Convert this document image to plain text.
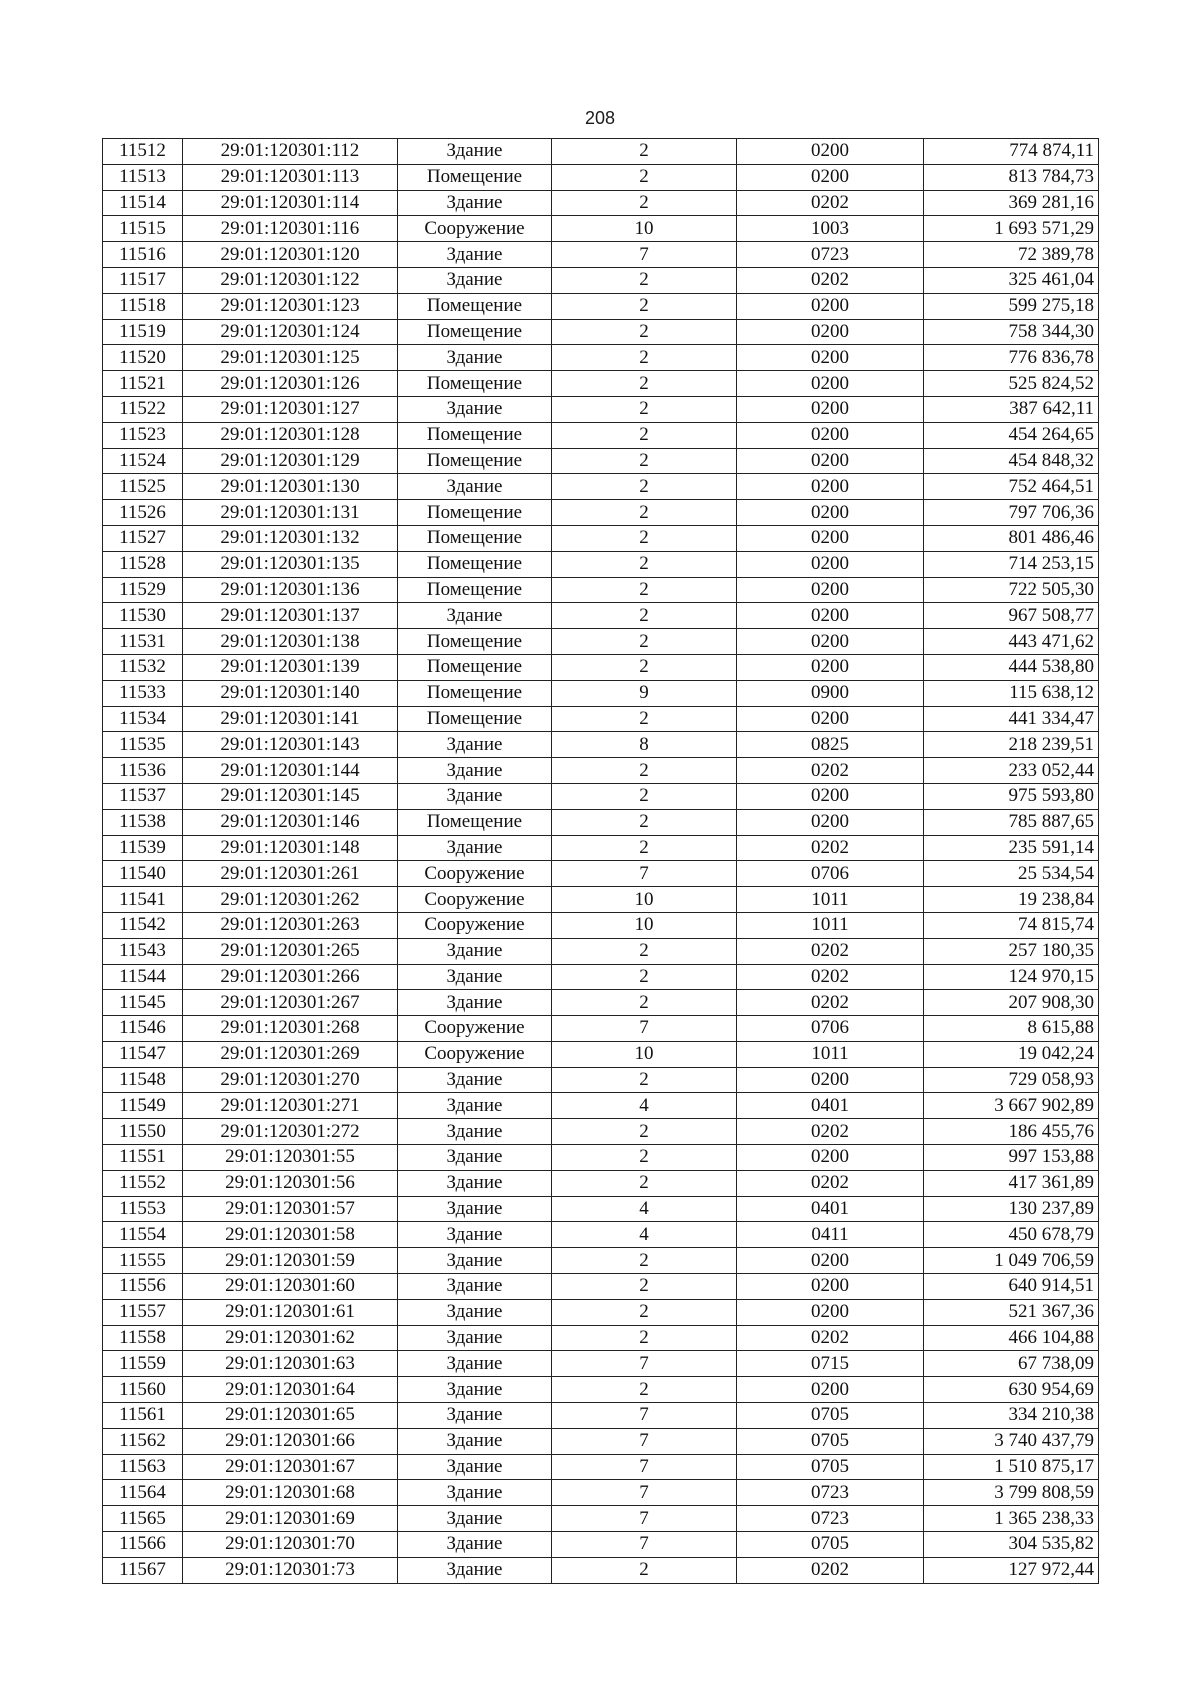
208
11512	29:01:120301:112	Здание	2	0200	774 874,11
11513	29:01:120301:113	Помещение	2	0200	813 784,73
11514	29:01:120301:114	Здание	2	0202	369 281,16
11515	29:01:120301:116	Сооружение	10	1003	1 693 571,29
11516	29:01:120301:120	Здание	7	0723	72 389,78
11517	29:01:120301:122	Здание	2	0202	325 461,04
11518	29:01:120301:123	Помещение	2	0200	599 275,18
11519	29:01:120301:124	Помещение	2	0200	758 344,30
11520	29:01:120301:125	Здание	2	0200	776 836,78
11521	29:01:120301:126	Помещение	2	0200	525 824,52
11522	29:01:120301:127	Здание	2	0200	387 642,11
11523	29:01:120301:128	Помещение	2	0200	454 264,65
11524	29:01:120301:129	Помещение	2	0200	454 848,32
11525	29:01:120301:130	Здание	2	0200	752 464,51
11526	29:01:120301:131	Помещение	2	0200	797 706,36
11527	29:01:120301:132	Помещение	2	0200	801 486,46
11528	29:01:120301:135	Помещение	2	0200	714 253,15
11529	29:01:120301:136	Помещение	2	0200	722 505,30
11530	29:01:120301:137	Здание	2	0200	967 508,77
11531	29:01:120301:138	Помещение	2	0200	443 471,62
11532	29:01:120301:139	Помещение	2	0200	444 538,80
11533	29:01:120301:140	Помещение	9	0900	115 638,12
11534	29:01:120301:141	Помещение	2	0200	441 334,47
11535	29:01:120301:143	Здание	8	0825	218 239,51
11536	29:01:120301:144	Здание	2	0202	233 052,44
11537	29:01:120301:145	Здание	2	0200	975 593,80
11538	29:01:120301:146	Помещение	2	0200	785 887,65
11539	29:01:120301:148	Здание	2	0202	235 591,14
11540	29:01:120301:261	Сооружение	7	0706	25 534,54
11541	29:01:120301:262	Сооружение	10	1011	19 238,84
11542	29:01:120301:263	Сооружение	10	1011	74 815,74
11543	29:01:120301:265	Здание	2	0202	257 180,35
11544	29:01:120301:266	Здание	2	0202	124 970,15
11545	29:01:120301:267	Здание	2	0202	207 908,30
11546	29:01:120301:268	Сооружение	7	0706	8 615,88
11547	29:01:120301:269	Сооружение	10	1011	19 042,24
11548	29:01:120301:270	Здание	2	0200	729 058,93
11549	29:01:120301:271	Здание	4	0401	3 667 902,89
11550	29:01:120301:272	Здание	2	0202	186 455,76
11551	29:01:120301:55	Здание	2	0200	997 153,88
11552	29:01:120301:56	Здание	2	0202	417 361,89
11553	29:01:120301:57	Здание	4	0401	130 237,89
11554	29:01:120301:58	Здание	4	0411	450 678,79
11555	29:01:120301:59	Здание	2	0200	1 049 706,59
11556	29:01:120301:60	Здание	2	0200	640 914,51
11557	29:01:120301:61	Здание	2	0200	521 367,36
11558	29:01:120301:62	Здание	2	0202	466 104,88
11559	29:01:120301:63	Здание	7	0715	67 738,09
11560	29:01:120301:64	Здание	2	0200	630 954,69
11561	29:01:120301:65	Здание	7	0705	334 210,38
11562	29:01:120301:66	Здание	7	0705	3 740 437,79
11563	29:01:120301:67	Здание	7	0705	1 510 875,17
11564	29:01:120301:68	Здание	7	0723	3 799 808,59
11565	29:01:120301:69	Здание	7	0723	1 365 238,33
11566	29:01:120301:70	Здание	7	0705	304 535,82
11567	29:01:120301:73	Здание	2	0202	127 972,44
